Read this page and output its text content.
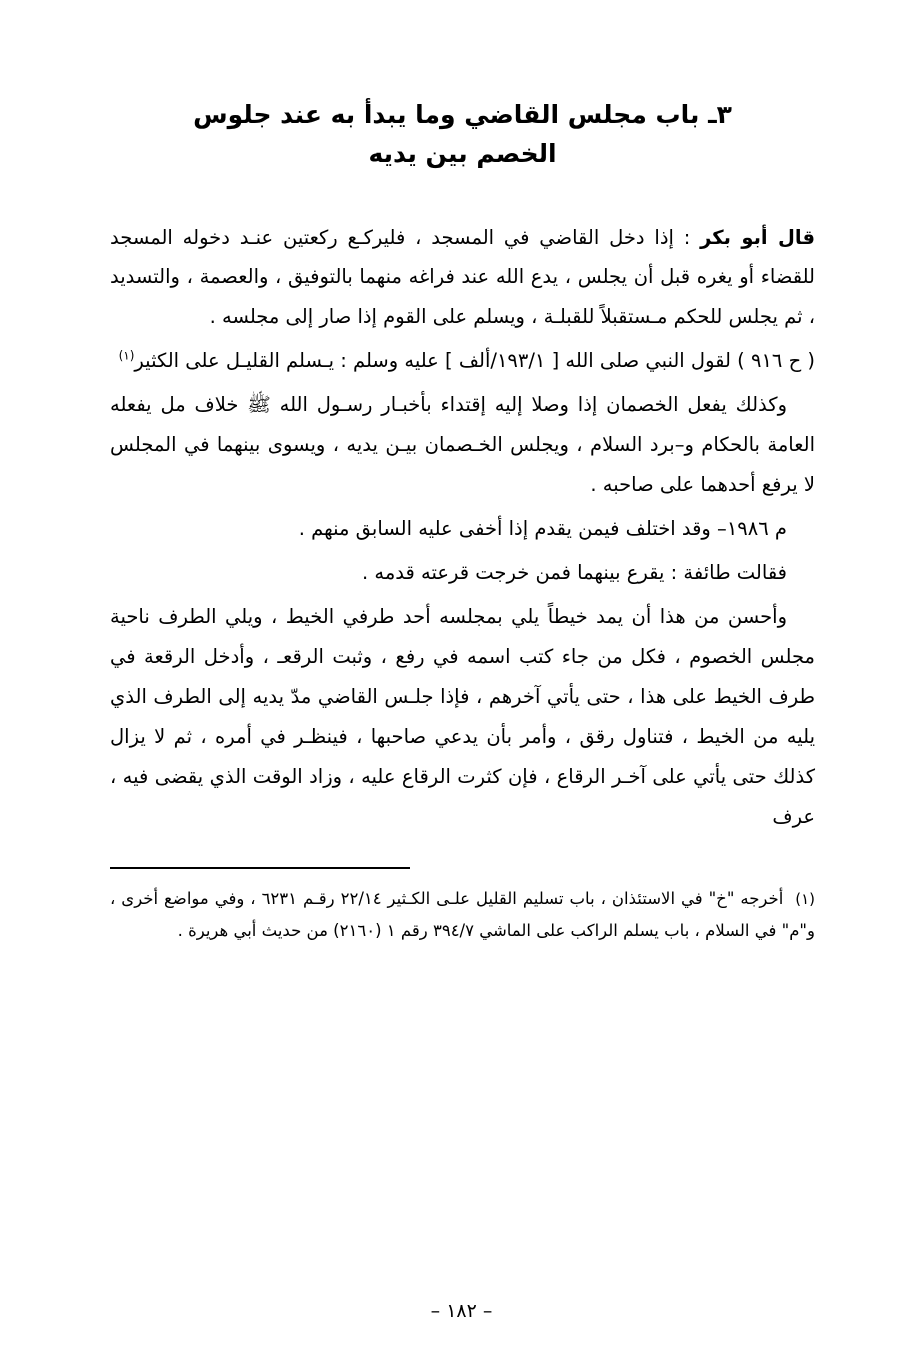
٣ـ باب مجلس القاضي وما يبدأ به عند جلوس
الخصم بين يديه

قال أبو بكر : إذا دخل القاضي في المسجد ، فليركـع ركعتين عنـد دخوله المسجد للقضاء أو يغره قبل أن يجلس ، يدع الله عند فراغه منهما بالتوفيق ، والعصمة ، والتسديد ، ثم يجلس للحكم مـستقبلاً للقبلـة ، ويسلم على القوم إذا صار إلى مجلسه .

( ح ٩١٦ ) لقول النبي صلى الله [ ١٩٣/١/ألف ] عليه وسلم : يـسلم القليـل على الكثير$^{(١)}$

وكذلك يفعل الخصمان إذا وصلا إليه إقتداء بأخبـار رسـول الله ﷺ خلاف مل يفعله العامة بالحكام و–برد السلام ، ويجلس الخـصمان بيـن يديه ، ويسوى بينهما في المجلس لا يرفع أحدهما على صاحبه .

م ١٩٨٦– وقد اختلف فيمن يقدم إذا أخفى عليه السابق منهم .

فقالت طائفة : يقرع بينهما فمن خرجت قرعته قدمه .

وأحسن من هذا أن يمد خيطاً يلي بمجلسه أحد طرفي الخيط ، ويلي الطرف ناحية مجلس الخصوم ، فكل من جاء كتب اسمه في رفع ، وثبت الرقعـ ، وأدخل الرقعة في طرف الخيط على هذا ، حتى يأتي آخرهم ، فإذا جلـس القاضي مدّ يديه إلى الطرف الذي يليه من الخيط ، فتناول رقق ، وأمر بأن يدعي صاحبها ، فينظـر في أمره ، ثم لا يزال كذلك حتى يأتي على آخـر الرقاع ، فإن كثرت الرقاع عليه ، وزاد الوقت الذي يقضى فيه ، عرف

(١)  أخرجه "خ" في الاستئذان ، باب تسليم القليل علـى الكـثير ٢٢/١٤ رقـم ٦٢٣١ ، وفي مواضع أخرى ، و"م" في السلام ، باب يسلم الراكب على الماشي ٣٩٤/٧ رقم ١ (٢١٦٠) من حديث أبي هريرة .

– ١٨٢ –
